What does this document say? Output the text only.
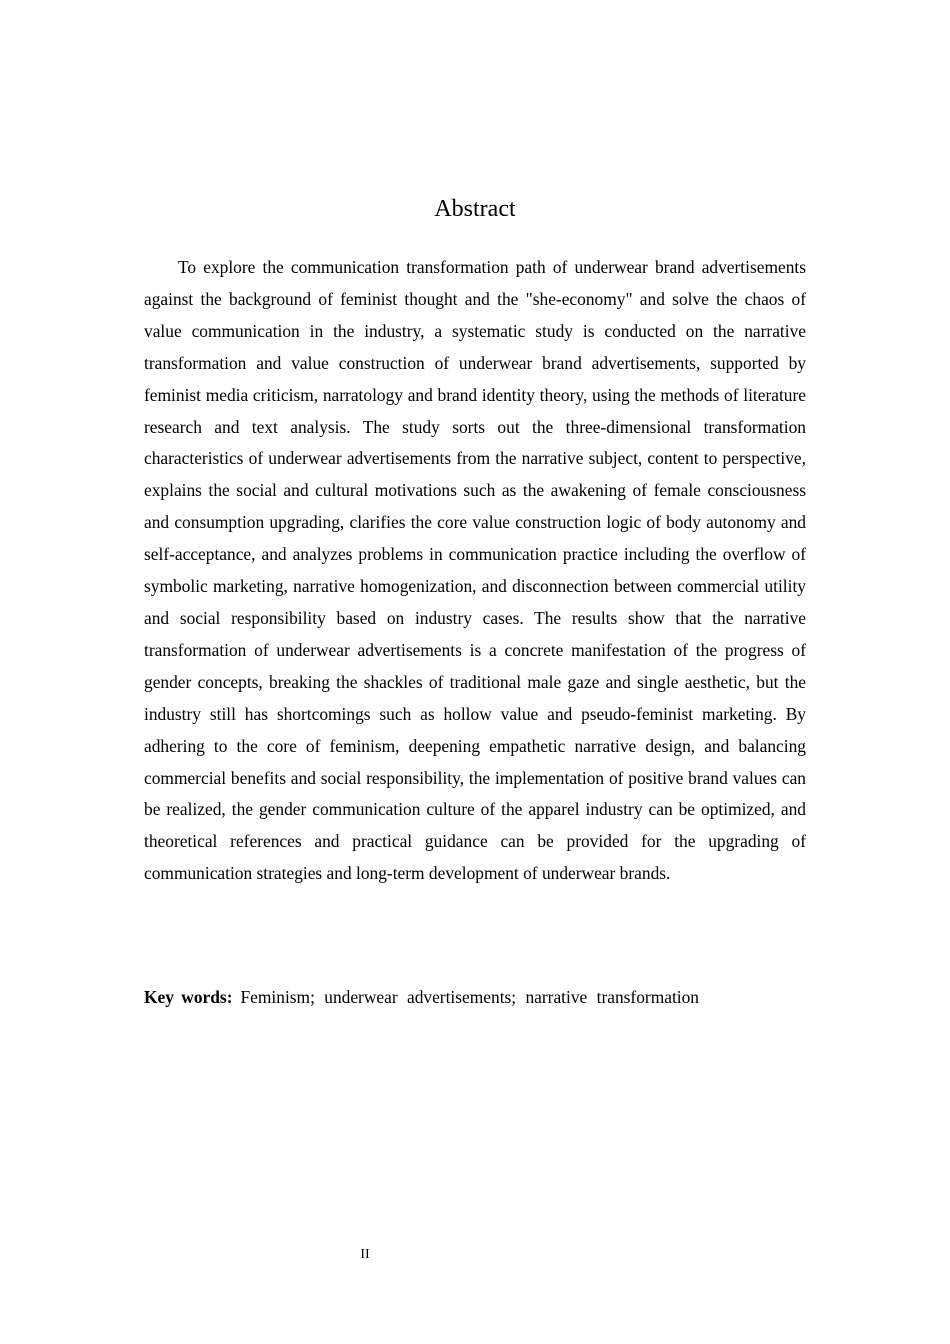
Abstract

To explore the communication transformation path of underwear brand advertisements against the background of feminist thought and the "she-economy" and solve the chaos of value communication in the industry, a systematic study is conducted on the narrative transformation and value construction of underwear brand advertisements, supported by feminist media criticism, narratology and brand identity theory, using the methods of literature research and text analysis. The study sorts out the three-dimensional transformation characteristics of underwear advertisements from the narrative subject, content to perspective, explains the social and cultural motivations such as the awakening of female consciousness and consumption upgrading, clarifies the core value construction logic of body autonomy and self-acceptance, and analyzes problems in communication practice including the overflow of symbolic marketing, narrative homogenization, and disconnection between commercial utility and social responsibility based on industry cases. The results show that the narrative transformation of underwear advertisements is a concrete manifestation of the progress of gender concepts, breaking the shackles of traditional male gaze and single aesthetic, but the industry still has shortcomings such as hollow value and pseudo-feminist marketing. By adhering to the core of feminism, deepening empathetic narrative design, and balancing commercial benefits and social responsibility, the implementation of positive brand values can be realized, the gender communication culture of the apparel industry can be optimized, and theoretical references and practical guidance can be provided for the upgrading of communication strategies and long-term development of underwear brands.

Key words: Feminism; underwear advertisements; narrative transformation

II
